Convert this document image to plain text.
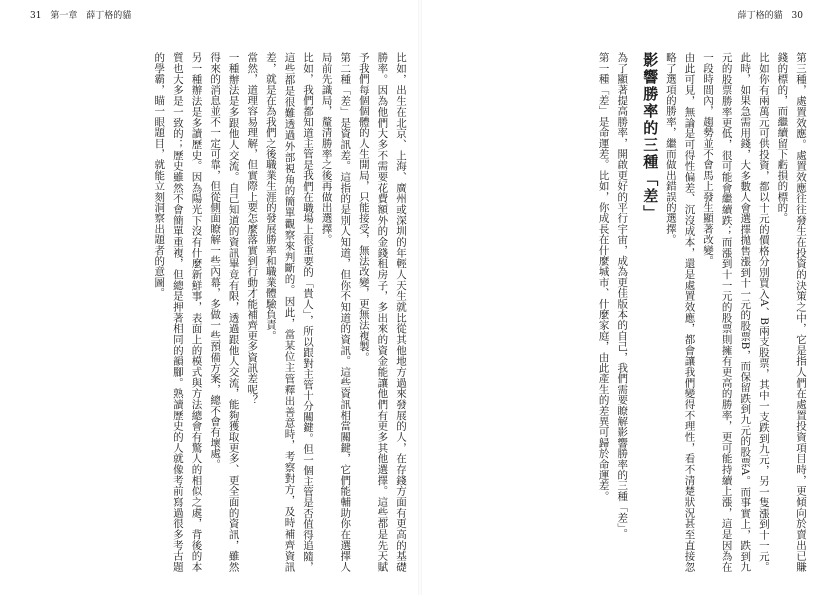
31 第一章 薛丁格的貓	薛丁格的貓 30
第三種，處置效應。處置效應往往發生在投資的決策之中，它是指人們在處置投資項目時，更傾向於賣出已賺錢的標的，而繼續留下虧損的標的。
比如你有兩萬元可供投資，都以十元的價格分別買入A、B兩支股票，其中一支跌到九元，另一隻漲到十一元。此時，如果急需用錢，大多數人會選擇拋售漲到十一元的股票B，而保留跌到九元的股票A。而事實上，跌到九元的股票勝率更低，很可能會繼續跌；而漲到十一元的股票則擁有更高的勝率，更可能持續上漲，這是因為在一段時間內，趨勢並不會馬上發生顯著改變。
由此可見，無論是可得性偏差、沉沒成本，還是處置效應，都會讓我們變得不理性，看不清楚狀況甚至直接忽略了選項的勝率，繼而做出錯誤的選擇。
影響勝率的三種「差」
為了顯著提高勝率，開啟更好的平行宇宙，成為更佳版本的自己，我們需要瞭解影響勝率的三種「差」。
第一種「差」是命運差。比如，你成長在什麼城市、什麼家庭，由此產生的差異可歸於命運差。
比如，出生在北京、上海、廣州或深圳的年輕人天生就比從其他地方過來發展的人，在存錢方面有更高的基礎勝率。因為他們大多不需要花費額外的金錢租房子，多出來的資金能讓他們有更多其他選擇。這些都是先天賦予我們每個個體的人生開局，只能接受，無法改變，更無法複製。
第二種「差」是資訊差。這指的是別人知道，但你不知道的資訊。這些資訊相當關鍵，它們能輔助你在選擇人局前先識局，釐清勝率之後再做出選擇。
比如，我們都知道主管是我們在職場上很重要的「貴人」，所以跟對主管十分關鍵。但一個主管是否值得追隨，這些都是很難透過外部視角的簡單觀察來判斷的。因此，當某位主管釋出善意時，考察對方，及時補齊資訊差，就是在為我們之後職業生涯的發展勝率和職業體驗負責。
當然，道理容易理解，但實際上要怎麼落實到行動才能補齊更多資訊差呢？
一種辦法是多跟他人交流。自己知道的資訊畢竟有限，透過跟他人交流，能夠獲取更多、更全面的資訊，雖然得來的消息並不一定可靠，但從側面瞭解一些內幕，多做一些預備方案，總不會有壞處。
另一種辦法是多讀歷史。因為陽光下沒有什麼新鮮事，表面上的模式與方法總會有驚人的相似之處，背後的本質也大多是一致的；歷史雖然不會簡單重複，但總是押著相同的韻腳。熟讀歷史的人就像考前寫過很多考古題的學霸，瞄一眼題目，就能立刻洞察出題者的意圖。
